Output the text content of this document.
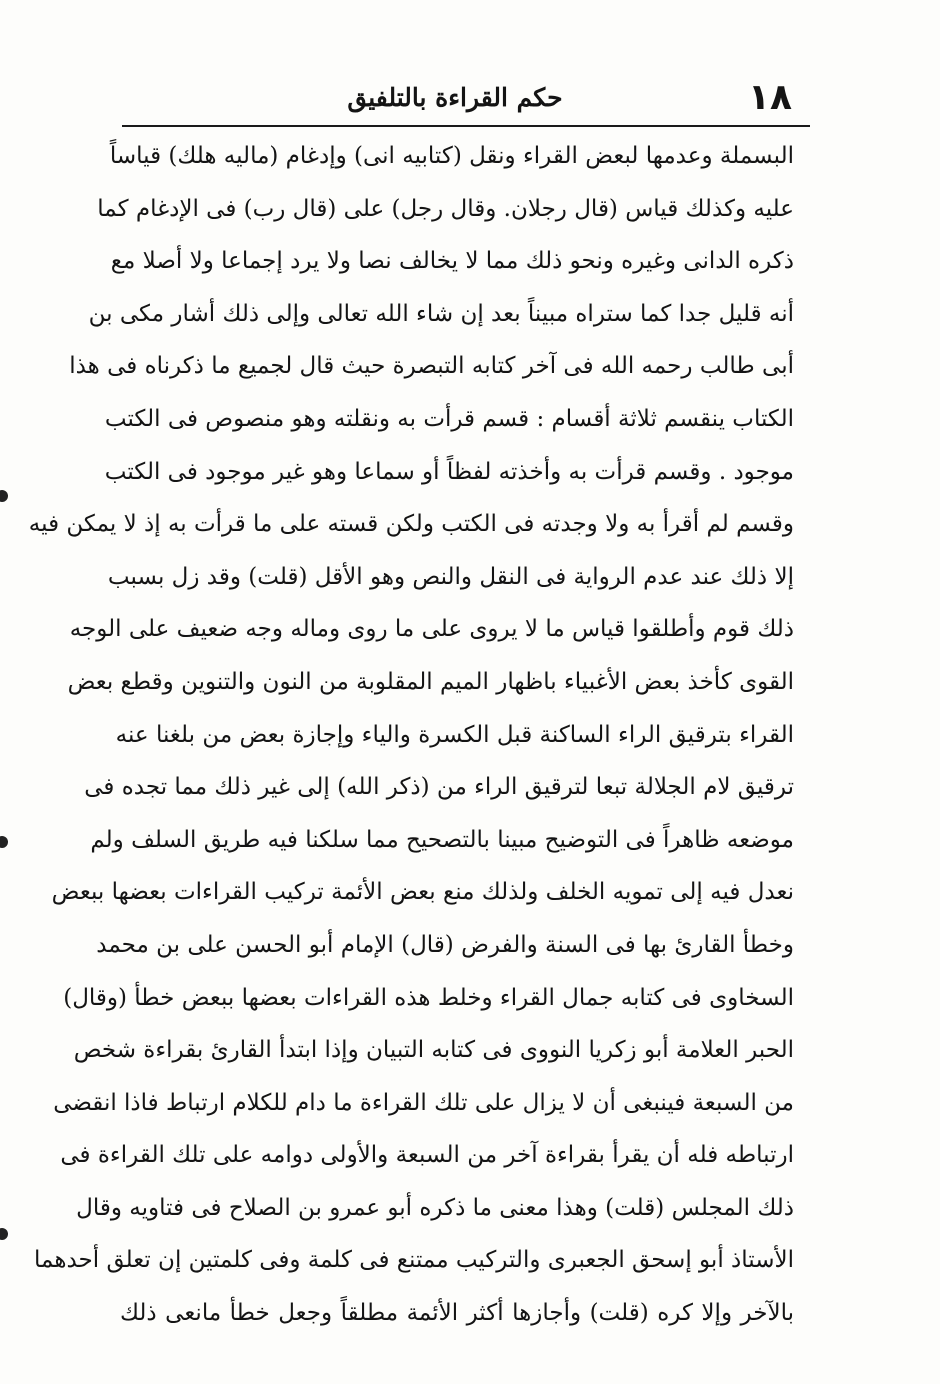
١٨
حكم القراءة بالتلفيق
البسملة وعدمها لبعض القراء ونقل (كتابيه انى) وإدغام (ماليه هلك) قياساً
عليه وكذلك قياس (قال رجلان. وقال رجل) على (قال رب) فى الإدغام كما
ذكره الدانى وغيره ونحو ذلك مما لا يخالف نصا ولا يرد إجماعا ولا أصلا مع
أنه قليل جدا كما ستراه مبيناً بعد إن شاء الله تعالى وإلى ذلك أشار مكى بن
أبى طالب رحمه الله فى آخر كتابه التبصرة حيث قال لجميع ما ذكرناه فى هذا
الكتاب ينقسم ثلاثة أقسام : قسم قرأت به ونقلته وهو منصوص فى الكتب
موجود . وقسم قرأت به وأخذته لفظاً أو سماعا وهو غير موجود فى الكتب
وقسم لم أقرأ به ولا وجدته فى الكتب ولكن قسته على ما قرأت به إذ لا يمكن فيه
إلا ذلك عند عدم الرواية فى النقل والنص وهو الأقل (قلت) وقد زل بسبب
ذلك قوم وأطلقوا قياس ما لا يروى على ما روى وماله وجه ضعيف على الوجه
القوى كأخذ بعض الأغبياء باظهار الميم المقلوبة من النون والتنوين وقطع بعض
القراء بترقيق الراء الساكنة قبل الكسرة والياء وإجازة بعض من بلغنا عنه
ترقيق لام الجلالة تبعا لترقيق الراء من (ذكر الله) إلى غير ذلك مما تجده فى
موضعه ظاهراً فى التوضيح مبينا بالتصحيح مما سلكنا فيه طريق السلف ولم
نعدل فيه إلى تمويه الخلف ولذلك منع بعض الأئمة تركيب القراءات بعضها ببعض
وخطأ القارئ بها فى السنة والفرض (قال) الإمام أبو الحسن على بن محمد
السخاوى فى كتابه جمال القراء وخلط هذه القراءات بعضها ببعض خطأ (وقال)
الحبر العلامة أبو زكريا النووى فى كتابه التبيان وإذا ابتدأ القارئ بقراءة شخص
من السبعة فينبغى أن لا يزال على تلك القراءة ما دام للكلام ارتباط فاذا انقضى
ارتباطه فله أن يقرأ بقراءة آخر من السبعة والأولى دوامه على تلك القراءة فى
ذلك المجلس (قلت) وهذا معنى ما ذكره أبو عمرو بن الصلاح فى فتاويه وقال
الأستاذ أبو إسحق الجعبرى والتركيب ممتنع فى كلمة وفى كلمتين إن تعلق أحدهما
بالآخر وإلا كره (قلت) وأجازها أكثر الأئمة مطلقاً وجعل خطأ مانعى ذلك
